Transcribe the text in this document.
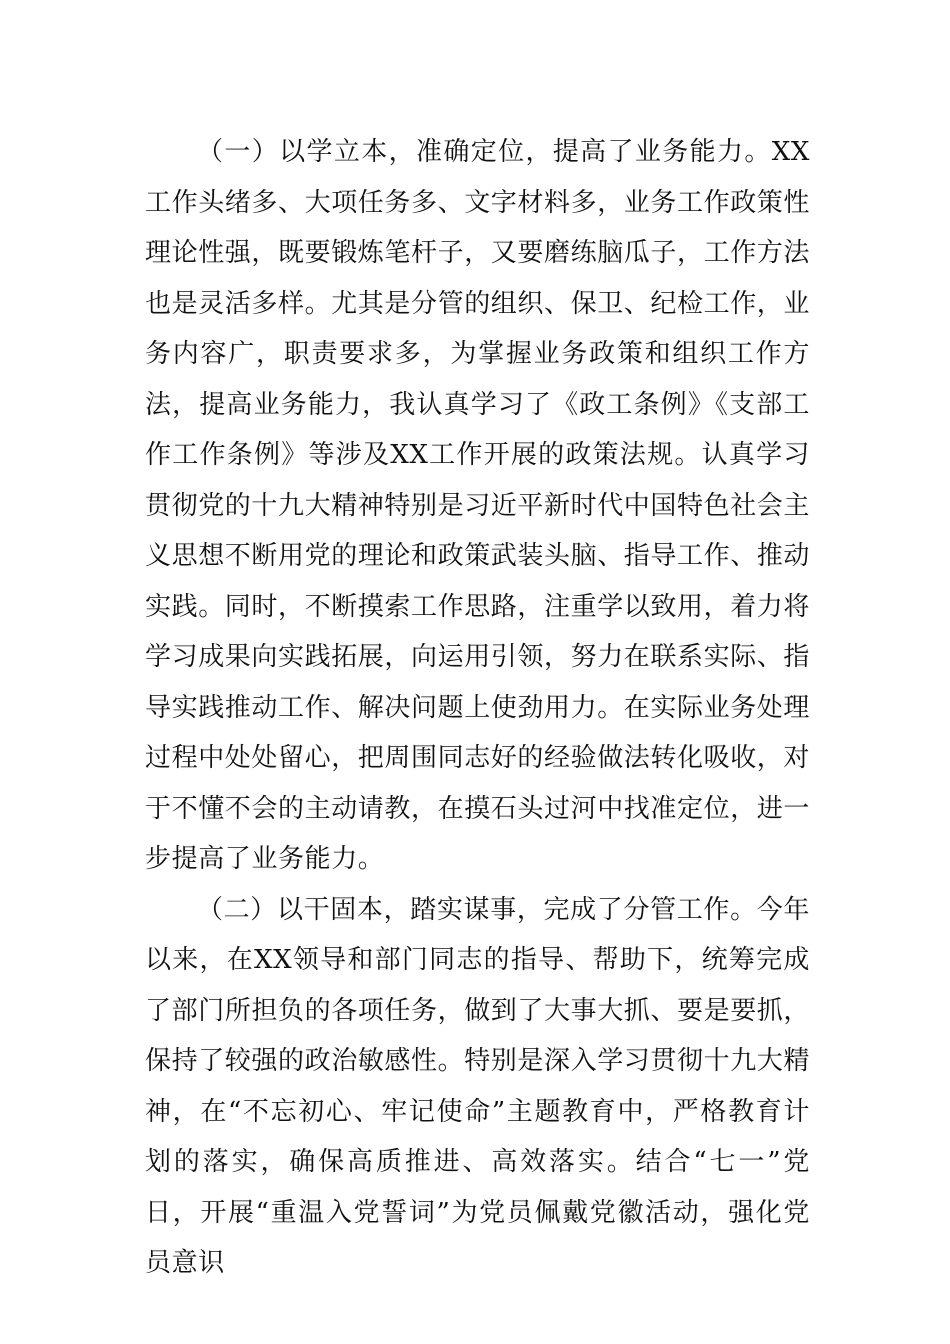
（一）以学立本，准确定位，提高了业务能力。XX工作头绪多、大项任务多、文字材料多，业务工作政策性理论性强，既要锻炼笔杆子，又要磨练脑瓜子，工作方法也是灵活多样。尤其是分管的组织、保卫、纪检工作，业务内容广，职责要求多，为掌握业务政策和组织工作方法，提高业务能力，我认真学习了《政工条例》《支部工作工作条例》等涉及XX工作开展的政策法规。认真学习贯彻党的十九大精神特别是习近平新时代中国特色社会主义思想不断用党的理论和政策武装头脑、指导工作、推动实践。同时，不断摸索工作思路，注重学以致用，着力将学习成果向实践拓展，向运用引领，努力在联系实际、指导实践推动工作、解决问题上使劲用力。在实际业务处理过程中处处留心，把周围同志好的经验做法转化吸收，对于不懂不会的主动请教，在摸石头过河中找准定位，进一步提高了业务能力。

（二）以干固本，踏实谋事，完成了分管工作。今年以来，在XX领导和部门同志的指导、帮助下，统筹完成了部门所担负的各项任务，做到了大事大抓、要是要抓，保持了较强的政治敏感性。特别是深入学习贯彻十九大精神，在“不忘初心、牢记使命”主题教育中，严格教育计划的落实，确保高质推进、高效落实。结合“七一”党日，开展“重温入党誓词”为党员佩戴党徽活动，强化党员意识
